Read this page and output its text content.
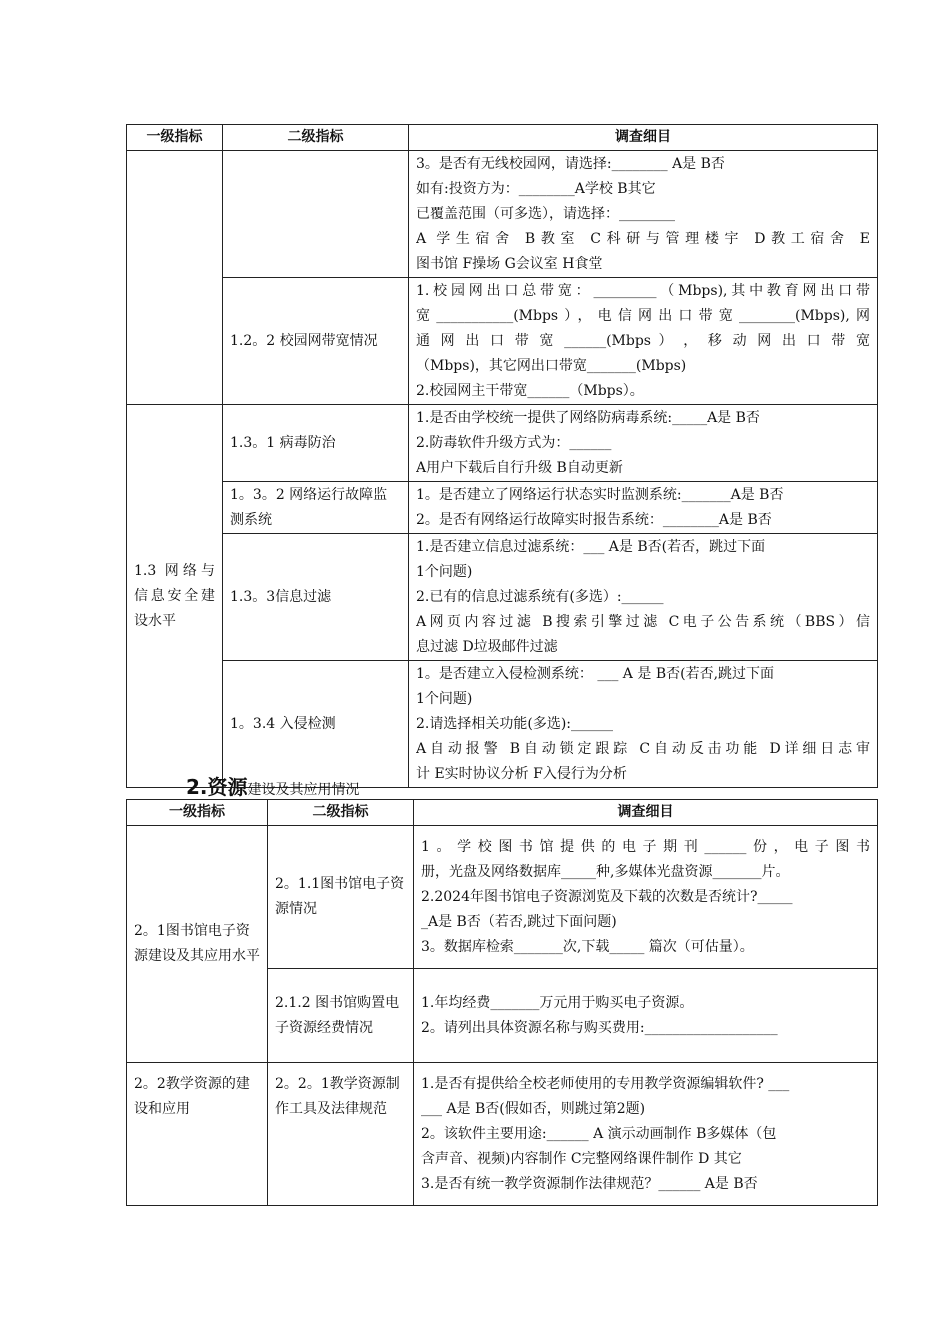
一级指标	二级指标	调查细目

		3。是否有无线校园网，请选择:________ A是 B否
如有:投资方为：________A学校 B其它
已覆盖范围（可多选），请选择：________
A 学生宿舍 B教室 C科研与管理楼宇 D教工宿舍 E
图书馆 F操场 G会议室 H食堂

	1.2。2 校园网带宽情况	1.校园网出口总带宽：_________（Mbps),其中教育网出口带
宽___________(Mbps），电信网出口带宽________(Mbps),网
通 网 出 口 带 宽 ______(Mbps ） ， 移 动 网 出 口 带 宽
（Mbps)，其它网出口带宽_______(Mbps)
2.校园网主干带宽______（Mbps）。

1.3 网络与信息安全建设水平	1.3。1 病毒防治	1.是否由学校统一提供了网络防病毒系统:_____A是 B否
2.防毒软件升级方式为：______
A用户下载后自行升级 B自动更新

	1。3。2 网络运行故障监测系统	1。是否建立了网络运行状态实时监测系统:_______A是 B否
2。是否有网络运行故障实时报告系统：________A是 B否

	1.3。3信息过滤	1.是否建立信息过滤系统：___ A是 B否(若否，跳过下面
1个问题)
2.已有的信息过滤系统有(多选）:______
A网页内容过滤 B搜索引擎过滤 C电子公告系统（BBS）信
息过滤 D垃圾邮件过滤

	1。3.4 入侵检测	1。是否建立入侵检测系统： ___ A 是 B否(若否,跳过下面
1个问题)
2.请选择相关功能(多选):______
A自动报警 B自动锁定跟踪 C自动反击功能 D详细日志审
计 E实时协议分析 F入侵行为分析
2.资源建设及其应用情况
一级指标	二级指标	调查细目
2。1图书馆电子资源建设及其应用水平	2。1.1图书馆电子资源情况	1。学校图书馆提供的电子期刊______份，电子图书
册，光盘及网络数据库_____种,多媒体光盘资源_______片。
2.2024年图书馆电子资源浏览及下载的次数是否统计?_____
_A是 B否（若否,跳过下面问题)
3。数据库检索_______次,下载_____ 篇次（可估量）。

	2.1.2 图书馆购置电子资源经费情况	1.年均经费_______万元用于购买电子资源。
2。请列出具体资源名称与购买费用:___________________

2。2教学资源的建设和应用	2。2。1教学资源制作工具及法律规范	1.是否有提供给全校老师使用的专用教学资源编辑软件? ___
___ A是 B否(假如否，则跳过第2题)
2。该软件主要用途:______ A 演示动画制作 B多媒体（包
含声音、视频)内容制作 C完整网络课件制作 D 其它
3.是否有统一教学资源制作法律规范？______ A是 B否
